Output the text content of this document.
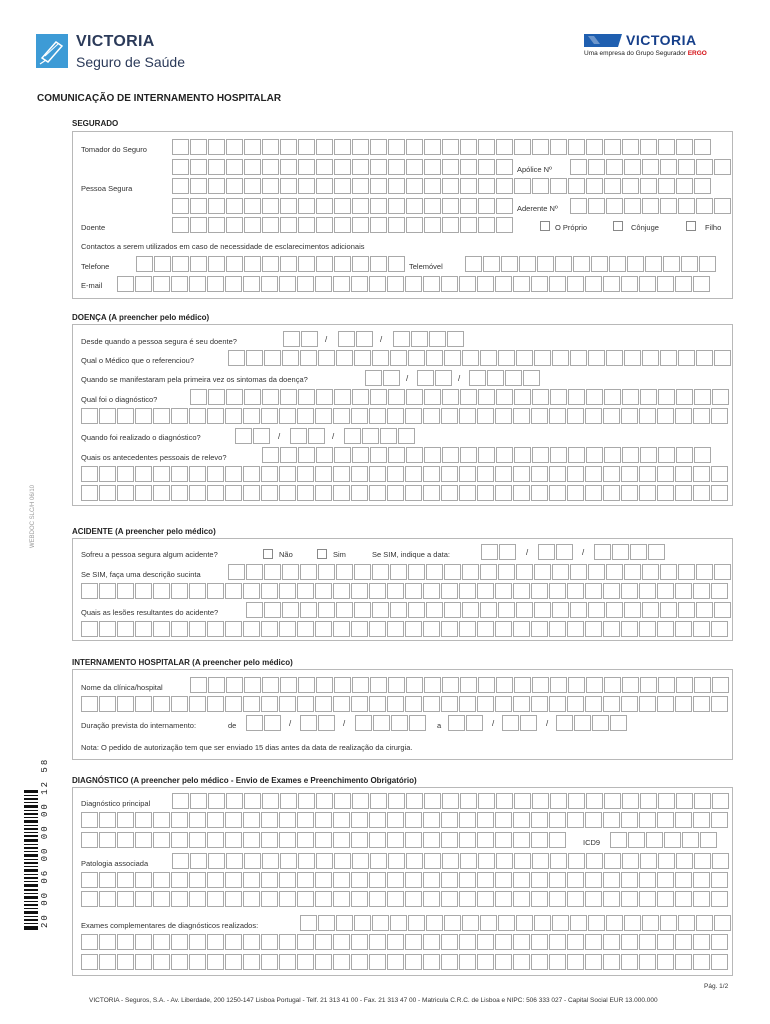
VICTORIA
Seguro de Saúde
VICTORIA
Uma empresa do Grupo Segurador ERGO
COMUNICAÇÃO DE INTERNAMENTO HOSPITALAR
SEGURADO
Tomador do Seguro
Apólice Nº
Pessoa Segura
Aderente Nº
Doente	O Próprio	Cônjuge	Filho
Contactos a serem utilizados em caso de necessidade de esclarecimentos adicionais
Telefone	Telemóvel
E-mail
DOENÇA (A preencher pelo médico)
Desde quando a pessoa segura é seu doente?	/	/
Qual o Médico que o referenciou?
Quando se manifestaram pela primeira vez os sintomas da doença?	/	/
Qual foi o diagnóstico?
Quando foi realizado o diagnóstico?	/	/
Quais os antecedentes pessoais de relevo?
WEBDOC SLC/H 06/10	ACIDENTE (A preencher pelo médico)
Sofreu a pessoa segura algum acidente?	Não	Sim	Se SIM, indique a data:	/	/
Se SIM, faça uma descrição sucinta
Quais as lesões resultantes do acidente?
INTERNAMENTO HOSPITALAR (A preencher pelo médico)
Nome da clínica/hospital
Duração prevista do internamento:	de	/	/	a	/	/
Nota: O pedido de autorização tem que ser enviado 15 dias antes da data de realização da cirurgia.
DIAGNÓSTICO (A preencher pelo médico - Envio de Exames e Preenchimento Obrigatório)
Diagnóstico principal
ICD9
Patologia associada
Exames complementares de diagnósticos realizados:
20 00 06 00 00 00 12 58
Pág. 1/2
VICTORIA - Seguros, S.A. - Av. Liberdade, 200 1250-147 Lisboa Portugal - Telf. 21 313 41 00 - Fax. 21 313 47 00 - Matricula C.R.C. de Lisboa e NIPC: 506 333 027 - Capital Social EUR 13.000.000
